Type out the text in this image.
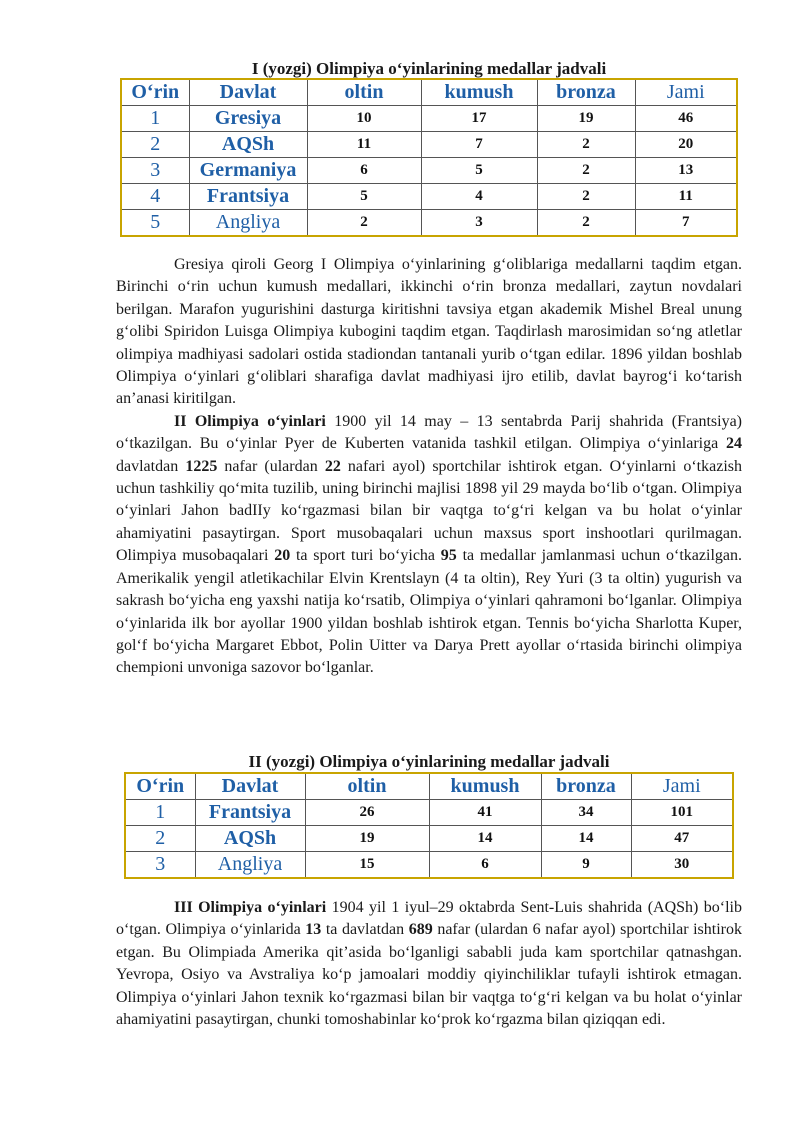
I (yozgi) Olimpiya o‘yinlarining medallar jadvali
O‘rin	Davlat	oltin	kumush	bronza	Jami
1	Gresiya	10	17	19	46
2	AQSh	11	7	2	20
3	Germaniya	6	5	2	13
4	Frantsiya	5	4	2	11
5	Angliya	2	3	2	7

Gresiya qiroli Georg I Olimpiya o‘yinlarining g‘oliblariga medallarni taqdim etgan. Birinchi o‘rin uchun kumush medallari, ikkinchi o‘rin bronza medallari, zaytun novdalari berilgan. Marafon yugurishini dasturga kiritishni tavsiya etgan akademik Mishel Breal unung g‘olibi Spiridon Luisga Olimpiya kubogini taqdim etgan. Taqdirlash marosimidan so‘ng atletlar olimpiya madhiyasi sadolari ostida stadiondan tantanali yurib o‘tgan edilar. 1896 yildan boshlab Olimpiya o‘yinlari g‘oliblari sharafiga davlat madhiyasi ijro etilib, davlat bayrog‘i ko‘tarish an’anasi kiritilgan.

II Olimpiya o‘yinlari 1900 yil 14 may – 13 sentabrda Parij shahrida (Frantsiya) o‘tkazilgan. Bu o‘yinlar Pyer de Kuberten vatanida tashkil etilgan. Olimpiya o‘yinlariga 24 davlatdan 1225 nafar (ulardan 22 nafari ayol) sportchilar ishtirok etgan. O‘yinlarni o‘tkazish uchun tashkiliy qo‘mita tuzilib, uning birinchi majlisi 1898 yil 29 mayda bo‘lib o‘tgan. Olimpiya o‘yinlari Jahon badIIy ko‘rgazmasi bilan bir vaqtga to‘g‘ri kelgan va bu holat o‘yinlar ahamiyatini pasaytirgan. Sport musobaqalari uchun maxsus sport inshootlari qurilmagan. Olimpiya musobaqalari 20 ta sport turi bo‘yicha 95 ta medallar jamlanmasi uchun o‘tkazilgan. Amerikalik yengil atletikachilar Elvin Krentslayn (4 ta oltin), Rey Yuri (3 ta oltin) yugurish va sakrash bo‘yicha eng yaxshi natija ko‘rsatib, Olimpiya o‘yinlari qahramoni bo‘lganlar. Olimpiya o‘yinlarida ilk bor ayollar 1900 yildan boshlab ishtirok etgan. Tennis bo‘yicha Sharlotta Kuper, golʻf bo‘yicha Margaret Ebbot, Polin Uitter va Darya Prett ayollar o‘rtasida birinchi olimpiya chempioni unvoniga sazovor bo‘lganlar.

II (yozgi) Olimpiya o‘yinlarining medallar jadvali
O‘rin	Davlat	oltin	kumush	bronza	Jami
1	Frantsiya	26	41	34	101
2	AQSh	19	14	14	47
3	Angliya	15	6	9	30

III Olimpiya o‘yinlari 1904 yil 1 iyul–29 oktabrda Sent-Luis shahrida (AQSh) bo‘lib o‘tgan. Olimpiya o‘yinlarida 13 ta davlatdan 689 nafar (ulardan 6 nafar ayol) sportchilar ishtirok etgan. Bu Olimpiada Amerika qit’asida bo‘lganligi sababli juda kam sportchilar qatnashgan. Yevropa, Osiyo va Avstraliya ko‘p jamoalari moddiy qiyinchiliklar tufayli ishtirok etmagan. Olimpiya o‘yinlari Jahon texnik ko‘rgazmasi bilan bir vaqtga to‘g‘ri kelgan va bu holat o‘yinlar ahamiyatini pasaytirgan, chunki tomoshabinlar ko‘prok ko‘rgazma bilan qiziqqan edi.
